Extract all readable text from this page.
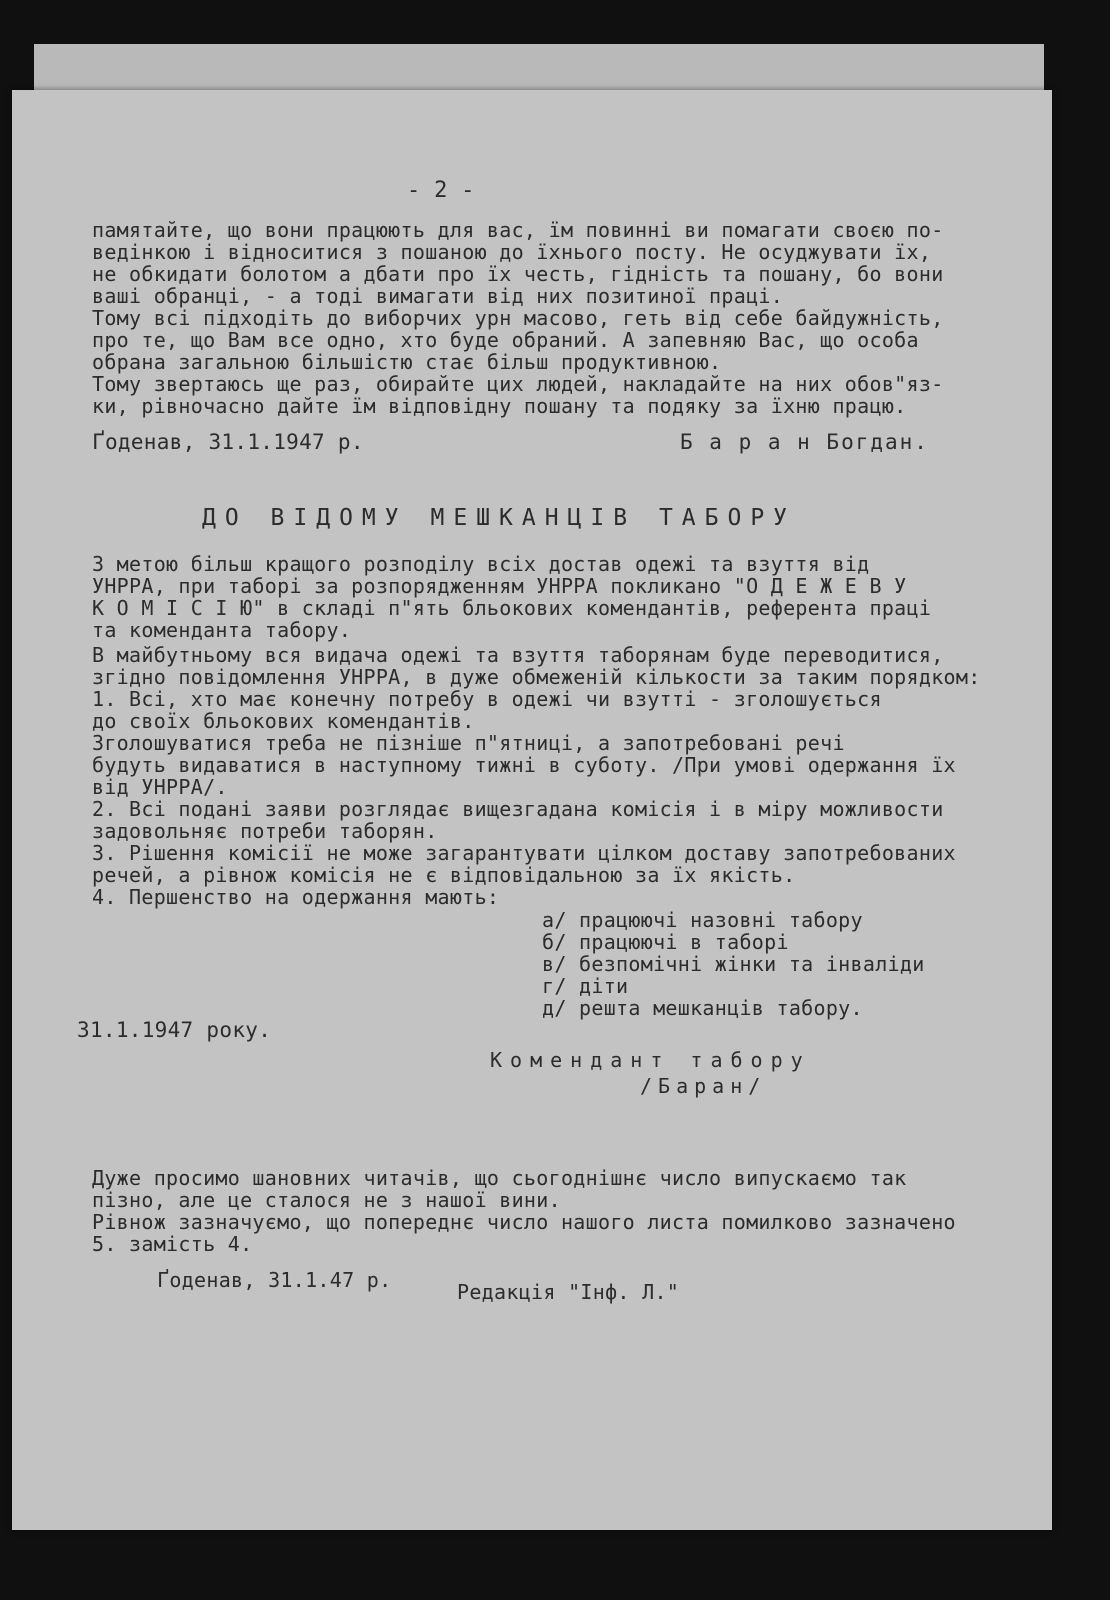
- 2 -
памятайте, що вони працюють для вас, їм повинні ви помагати своєю по-
ведінкою і відноситися з пошаною до їхнього посту. Не осуджувати їх,
не обкидати болотом а дбати про їх честь, гідність та пошану, бо вони
ваші обранці, - а тоді вимагати від них позитиної праці.
Тому всі підходіть до виборчих урн масово, геть від себе байдужність,
про те, що Вам все одно, хто буде обраний. А запевняю Вас, що особа
обрана загальною більшістю стає більш продуктивною.
Тому звертаюсь ще раз, обирайте цих людей, накладайте на них обов"яз-
ки, рівночасно дайте їм відповідну пошану та подяку за їхню працю.
Ґоденав, 31.1.1947 р.	Б а р а н Богдан.
ДО ВІДОМУ МЕШКАНЦІВ ТАБОРУ
З метою більш кращого розподілу всіх достав одежі та взуття від
УНРРА, при таборі за розпорядженням УНРРА покликано "О Д Е Ж Е В У
К О М І С І Ю" в складі п"ять бльокових комендантів, референта праці
та коменданта табору.
В майбутньому вся видача одежі та взуття таборянам буде переводитися,
згідно повідомлення УНРРА, в дуже обмеженій кількости за таким порядком:
1. Всі, хто має конечну потребу в одежі чи взутті - зголошується
до своїх бльокових комендантів.
Зголошуватися треба не пізніше п"ятниці, а запотребовані речі
будуть видаватися в наступному тижні в суботу. /При умові одержання їх
від УНРРА/.
2. Всі подані заяви розглядає вищезгадана комісія і в міру можливости
задовольняє потреби таборян.
3. Рішення комісії не може загарантувати цілком доставу запотребованих
речей, а рівнож комісія не є відповідальною за їх якість.
4. Першенство на одержання мають:
а/ працюючі назовні табору
б/ працюючі в таборі
в/ безпомічні жінки та інваліди
г/ діти
д/ решта мешканців табору.
31.1.1947 року.
Комендант табору
/Баран/
Дуже просимо шановних читачів, що сьогоднішнє число випускаємо так
пізно, але це сталося не з нашої вини.
Рівнож зазначуємо, що попереднє число нашого листа помилково зазначено
5. замість 4.
Ґоденав, 31.1.47 р.	Редакція "Інф. Л."
